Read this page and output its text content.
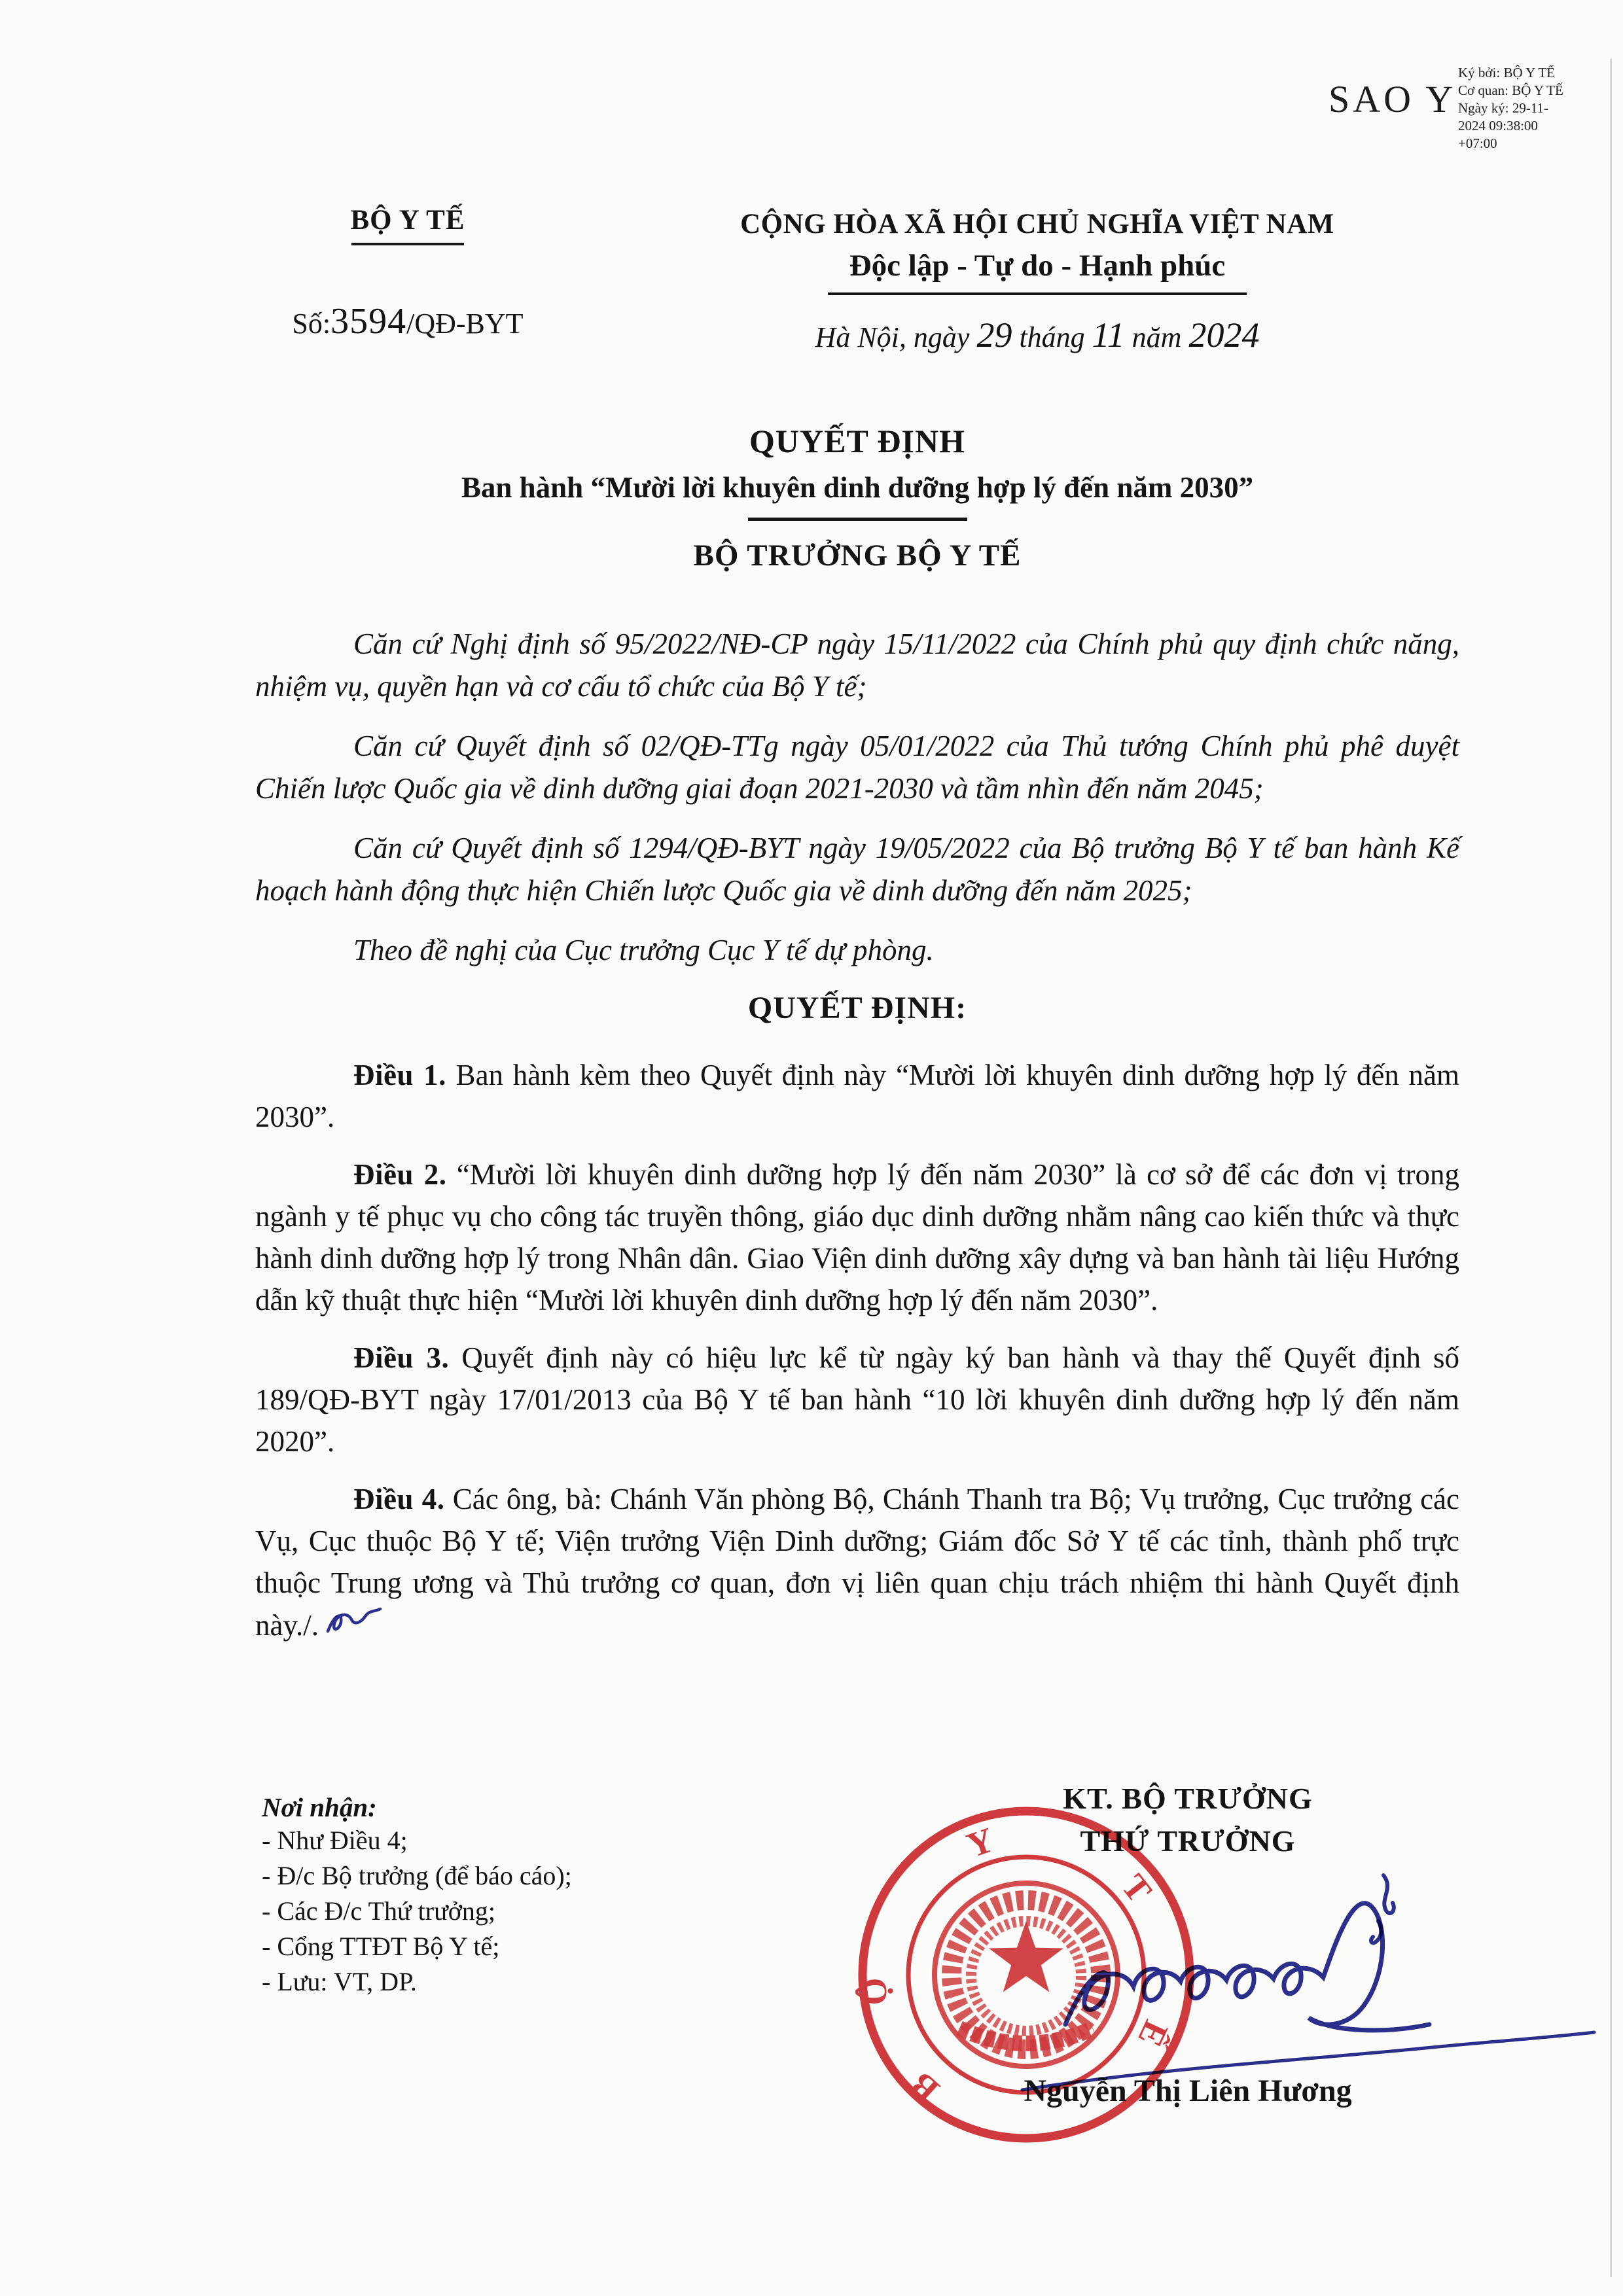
SAO Y
Ký bởi: BỘ Y TẾ
Cơ quan: BỘ Y TẾ
Ngày ký: 29-11-
2024 09:38:00
+07:00
BỘ Y TẾ
Số:3594/QĐ-BYT
CỘNG HÒA XÃ HỘI CHỦ NGHĨA VIỆT NAM
Độc lập - Tự do - Hạnh phúc
Hà Nội, ngày 29 tháng 11 năm 2024
QUYẾT ĐỊNH
Ban hành “Mười lời khuyên dinh dưỡng hợp lý đến năm 2030”
BỘ TRƯỞNG BỘ Y TẾ

Căn cứ Nghị định số 95/2022/NĐ-CP ngày 15/11/2022 của Chính phủ quy định chức năng, nhiệm vụ, quyền hạn và cơ cấu tổ chức của Bộ Y tế;

Căn cứ Quyết định số 02/QĐ-TTg ngày 05/01/2022 của Thủ tướng Chính phủ phê duyệt Chiến lược Quốc gia về dinh dưỡng giai đoạn 2021-2030 và tầm nhìn đến năm 2045;

Căn cứ Quyết định số 1294/QĐ-BYT ngày 19/05/2022 của Bộ trưởng Bộ Y tế ban hành Kế hoạch hành động thực hiện Chiến lược Quốc gia về dinh dưỡng đến năm 2025;

Theo đề nghị của Cục trưởng Cục Y tế dự phòng.

QUYẾT ĐỊNH:

Điều 1. Ban hành kèm theo Quyết định này “Mười lời khuyên dinh dưỡng hợp lý đến năm 2030”.

Điều 2. “Mười lời khuyên dinh dưỡng hợp lý đến năm 2030” là cơ sở để các đơn vị trong ngành y tế phục vụ cho công tác truyền thông, giáo dục dinh dưỡng nhằm nâng cao kiến thức và thực hành dinh dưỡng hợp lý trong Nhân dân. Giao Viện dinh dưỡng xây dựng và ban hành tài liệu Hướng dẫn kỹ thuật thực hiện “Mười lời khuyên dinh dưỡng hợp lý đến năm 2030”.

Điều 3. Quyết định này có hiệu lực kể từ ngày ký ban hành và thay thế Quyết định số 189/QĐ-BYT ngày 17/01/2013 của Bộ Y tế ban hành “10 lời khuyên dinh dưỡng hợp lý đến năm 2020”.

Điều 4. Các ông, bà: Chánh Văn phòng Bộ, Chánh Thanh tra Bộ; Vụ trưởng, Cục trưởng các Vụ, Cục thuộc Bộ Y tế; Viện trưởng Viện Dinh dưỡng; Giám đốc Sở Y tế các tỉnh, thành phố trực thuộc Trung ương và Thủ trưởng cơ quan, đơn vị liên quan chịu trách nhiệm thi hành Quyết định này./.

Nơi nhận:
- Như Điều 4;
- Đ/c Bộ trưởng (để báo cáo);
- Các Đ/c Thứ trưởng;
- Cổng TTĐT Bộ Y tế;
- Lưu: VT, DP.
KT. BỘ TRƯỞNG
THỨ TRƯỞNG
Nguyễn Thị Liên Hương
B
Ộ
Y
T
Ế
